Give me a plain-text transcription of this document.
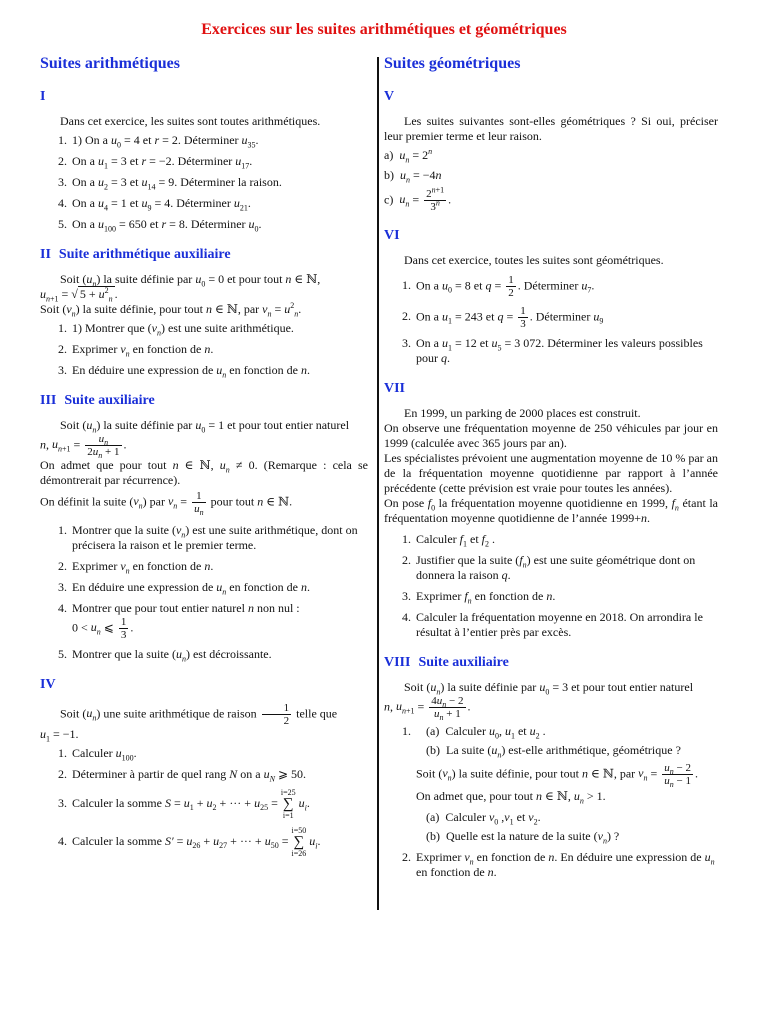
Exercices sur les suites arithmétiques et géométriques
Suites arithmétiques
I

Dans cet exercice, les suites sont toutes arithmétiques.

1. 1) On a $u_0 = 4$ et r = 2. Déterminer $u_{35}$.
2. On a $u_1 = 3$ et r = −2. Déterminer $u_{17}$.
3. On a $u_2 = 3$ et $u_{14} = 9$. Déterminer la raison.
4. On a $u_4 = 1$ et $u_9 = 4$. Déterminer $u_{21}$.
5. On a $u_{100} = 650$ et r = 8. Déterminer $u_0$.
II Suite arithmétique auxiliaire

Soit $(u_n)$ la suite définie par $u_0 = 0$ et pour tout n ∈ ℕ,

$u_{n+1}$ = √ $5 + u^2_n$ .

Soit $(v_n)$ la suite définie, pour tout n ∈ ℕ, par $v_n = u^2_n$.

1. 1) Montrer que $(v_n)$ est une suite arithmétique.
2. Exprimer $v_n$ en fonction de n.
3. En déduire une expression de $u_n$ en fonction de n.
III Suite auxiliaire

Soit $(u_n)$ la suite définie par $u_0 = 1$ et pour tout entier naturel

n, $u_{n+1} = \frac{u_n}{2u_n + 1}$ .

On admet que pour tout n ∈ ℕ, $u_n \ne 0$. (Remarque : cela se démontrerait par récurrence).

On définit la suite $(v_n)$ par $v_n = \frac{1}{u_n}$ pour tout n ∈ ℕ.

1. Montrer que la suite $(v_n)$ est une suite arithmétique, dont on précisera la raison et le premier terme.
2. Exprimer $v_n$ en fonction de n.
3. En déduire une expression de $u_n$ en fonction de n.
4. Montrer que pour tout entier naturel n non nul :
$0 < u_n$ ⩽ $\frac{1}{3}$ .
5. Montrer que la suite $(u_n)$ est décroissante.
IV

Soit $(u_n)$ une suite arithmétique de raison $\frac{1}{2}$ telle que

$u_1 = -1$.

1. Calculer $u_{100}$.
2. Déterminer à partir de quel rang N on a $u_N$ ⩾ 50.
3. Calculer la somme $S = u_1 + u_2$ + ··· + $u_{25} = i=25$
∑
i=1 $u_i$.
4. Calculer la somme $S' = u_{26} + u_{27}$ + ··· + $u_{50} = i=50$
∑
i=26 $u_i$.
Suites géométriques
V

Les suites suivantes sont-elles géométriques ? Si oui, préciser leur premier terme et leur raison.

a)  $u_n = 2^n$
b)  $u_n = -4n$
c)  $u_n = \frac{2^{n+1}}{3^n}$ .
VI

Dans cet exercice, toutes les suites sont géométriques.

1. On a $u_0 = 8$ et $q = \frac{1}{2}$ . Déterminer $u_7$.
2. On a $u_1 = 243$ et $q = \frac{1}{3}$ . Déterminer $u_9$
3. On a $u_1 = 12$ et $u_5 = 3$ 072. Déterminer les valeurs possibles pour q.
VII

En 1999, un parking de 2000 places est construit.

On observe une fréquentation moyenne de 250 véhicules par jour en 1999 (calculée avec 365 jours par an).

Les spécialistes prévoient une augmentation moyenne de 10 % par an de la fréquentation moyenne quotidienne par rapport à l’année précédente (cette prévision est vraie pour toutes les années).

On pose $f_0$ la fréquentation moyenne quotidienne en 1999, $f_n$ étant la fréquentation moyenne quotidienne de l’année 1999+n.

1. Calculer $f_1$ et $f_2$ .
2. Justifier que la suite $(f_n)$ est une suite géométrique dont on donnera la raison q.
3. Exprimer $f_n$ en fonction de n.
4. Calculer la fréquentation moyenne en 2018. On arrondira le résultat à l’entier près par excès.
VIII Suite auxiliaire

Soit $(u_n)$ la suite définie par $u_0 = 3$ et pour tout entier naturel

n, $u_{n+1} = \frac{4u_n - 2}{u_n + 1}$ .

1. (a)  Calculer $u_0$, $u_1$ et $u_2$ .
(b)  La suite $(u_n)$ est-elle arithmétique, géométrique ?

Soit $(v_n)$ la suite définie, pour tout n ∈ ℕ, par $v_n = \frac{u_n - 2}{u_n - 1}$ .

On admet que, pour tout n ∈ ℕ, $u_n > 1$.

(a)  Calculer $v_0$ $,v_1$ et $v_2$.
(b)  Quelle est la nature de la suite $(v_n)$ ?
2. Exprimer $v_n$ en fonction de n. En déduire une expression de $u_n$ en fonction de n.
